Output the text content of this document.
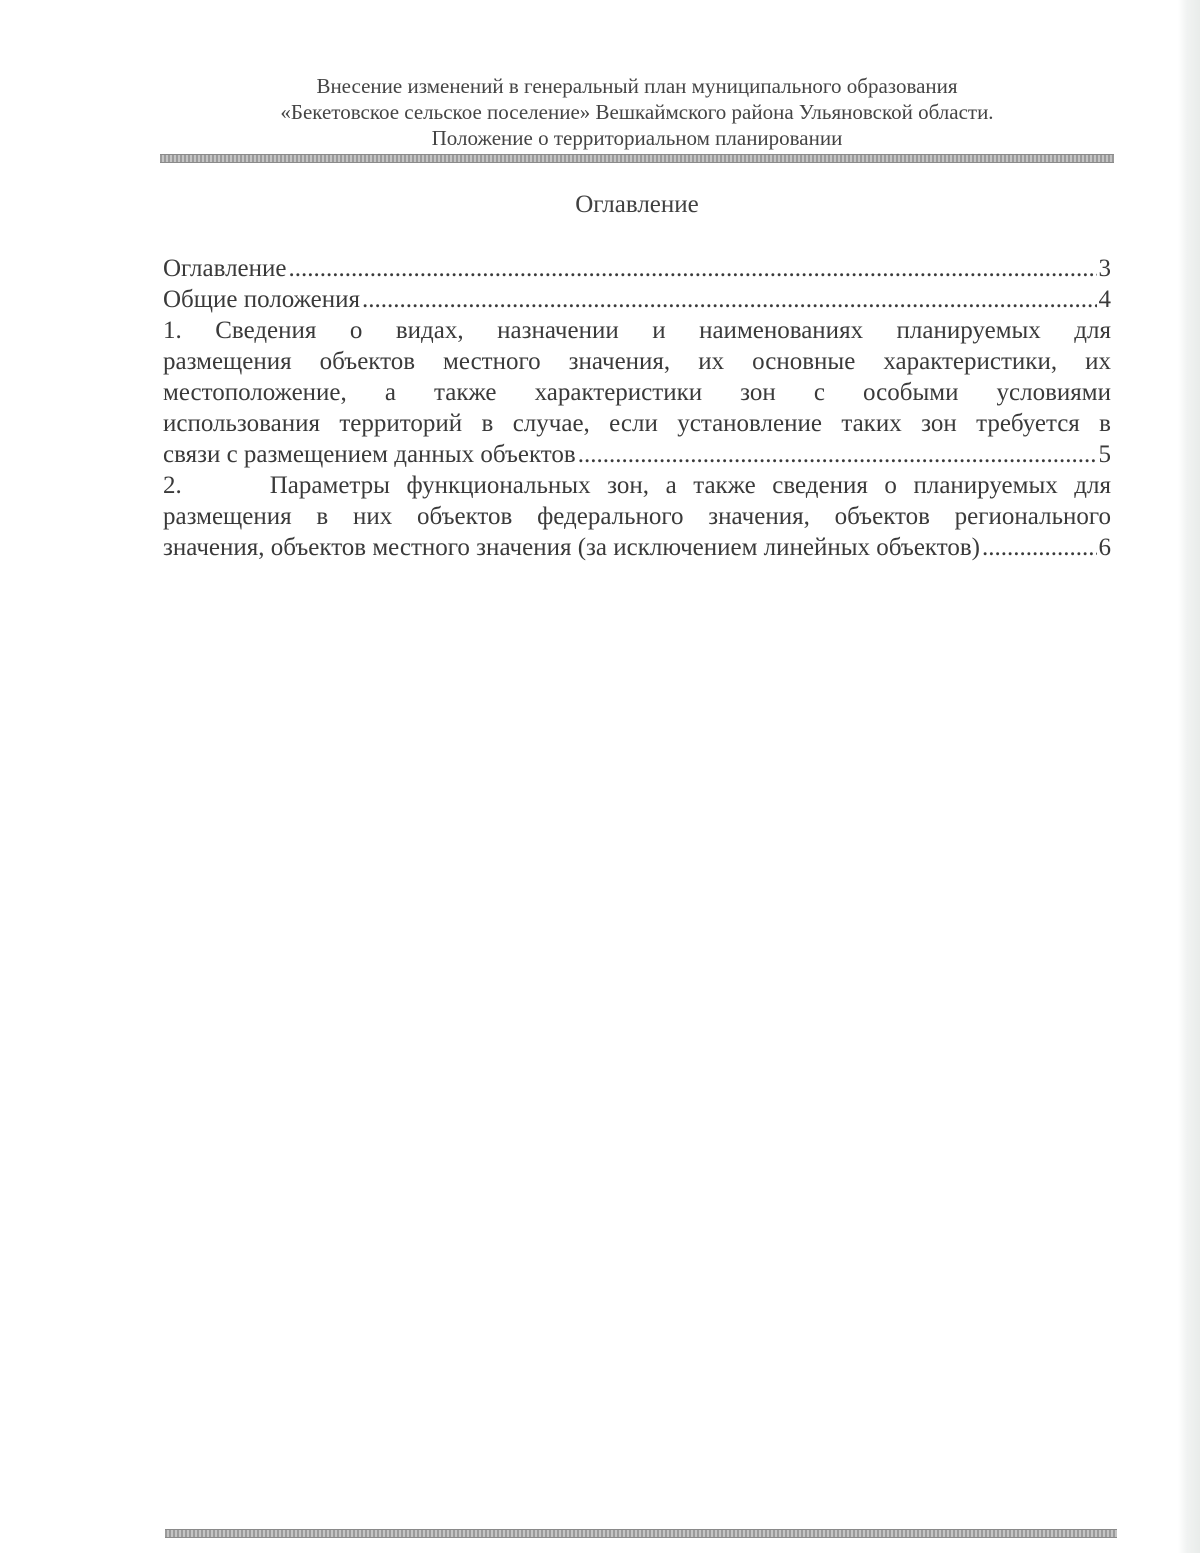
Внесение изменений в генеральный план муниципального образования
«Бекетовское сельское поселение» Вешкаймского района Ульяновской области.
Положение о территориальном планировании
Оглавление
Оглавление .....	3
Общие положения .....	4
1. Сведения о видах, назначении и наименованиях планируемых для
размещения объектов местного значения, их основные характеристики, их
местоположение, а также характеристики зон с особыми условиями
использования территорий в случае, если установление таких зон требуется в
связи с размещением данных объектов .....	5
2.	Параметры функциональных зон, а также сведения о планируемых для
размещения в них объектов федерального значения, объектов регионального
значения, объектов местного значения (за исключением линейных объектов) .....	6
